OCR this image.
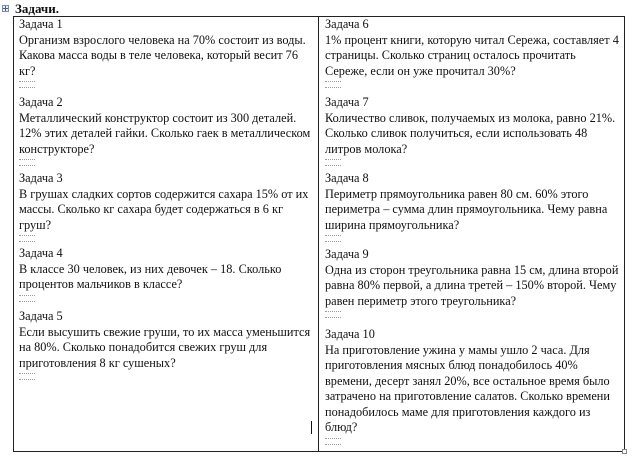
Задачи.
Задача 1
Организм взрослого человека на 70% состоит из воды.
Какова масса воды в теле человека, который весит 76
кг?
Задача 2
Металлический конструктор состоит из 300 деталей.
12% этих деталей гайки. Сколько гаек в металлическом
конструкторе?
Задача 3
В грушах сладких сортов содержится сахара 15% от их
массы. Сколько кг сахара будет содержаться в 6 кг
груш?
Задача 4
В классе 30 человек, из них девочек – 18. Сколько
процентов мальчиков в классе?
Задача 5
Если высушить свежие груши, то их масса уменьшится
на 80%. Сколько понадобится свежих груш для
приготовления 8 кг сушеных?
Задача 6
1% процент книги, которую читал Сережа, составляет 4
страницы. Сколько страниц осталось прочитать
Сереже, если он уже прочитал 30%?
Задача 7
Количество сливок, получаемых из молока, равно 21%.
Сколько сливок получиться, если использовать 48
литров молока?
Задача 8
Периметр прямоугольника равен 80 см. 60% этого
периметра – сумма длин прямоугольника. Чему равна
ширина прямоугольника?
Задача 9
Одна из сторон треугольника равна 15 см, длина второй
равна 80% первой, а длина третей – 150% второй. Чему
равен периметр этого треугольника?
Задача 10
На приготовление ужина у мамы ушло 2 часа. Для
приготовления мясных блюд понадобилось 40%
времени, десерт занял 20%, все остальное время было
затрачено на приготовление салатов. Сколько времени
понадобилось маме для приготовления каждого из
блюд?
